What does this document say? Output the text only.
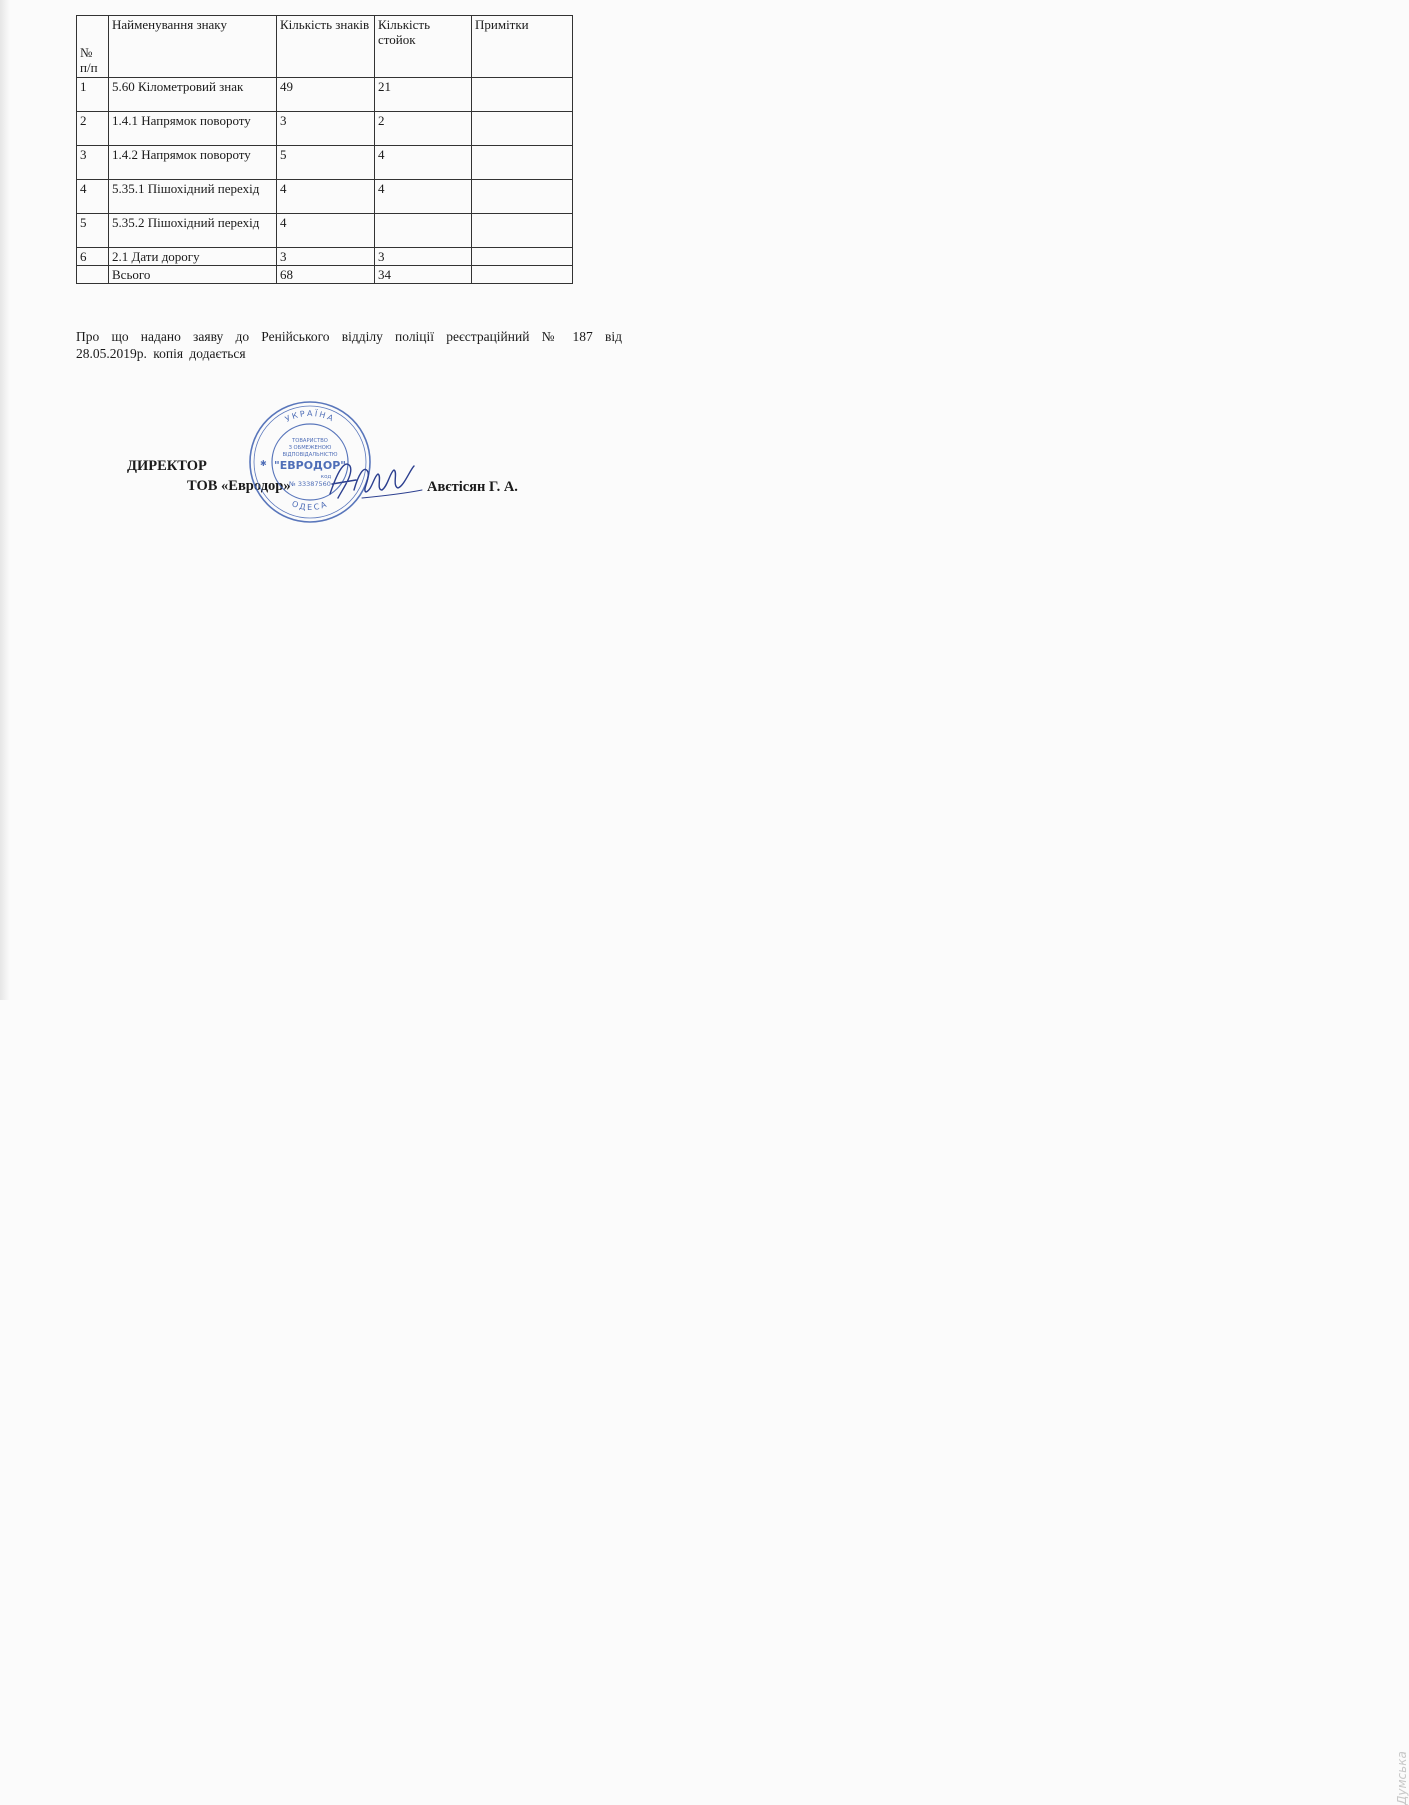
№ п/п	Найменування знаку	Кількість знаків	Кількість стойок	Примітки
1	5.60 Кілометровий знак	49	21	
2	1.4.1 Напрямок повороту	3	2	
3	1.4.2 Напрямок повороту	5	4	
4	5.35.1 Пішохідний перехід	4	4	
5	5.35.2 Пішохідний перехід	4		
6	2.1 Дати дорогу	3	3	
	Всього	68	34	
Про що надано заяву до Ренійського відділу поліції реєстраційний № 187 від 28.05.2019р. копія додається
ДИРЕКТОР
ТОВ «Евродор»	Авєтісян Г. А.
УКРАЇНА
ОДЕСА
ТОВАРИСТВО
З ОБМЕЖЕНОЮ
ВІДПОВІДАЛЬНІСТЮ
"ЕВРОДОР"
код
№ 33387560
✱
Думська
